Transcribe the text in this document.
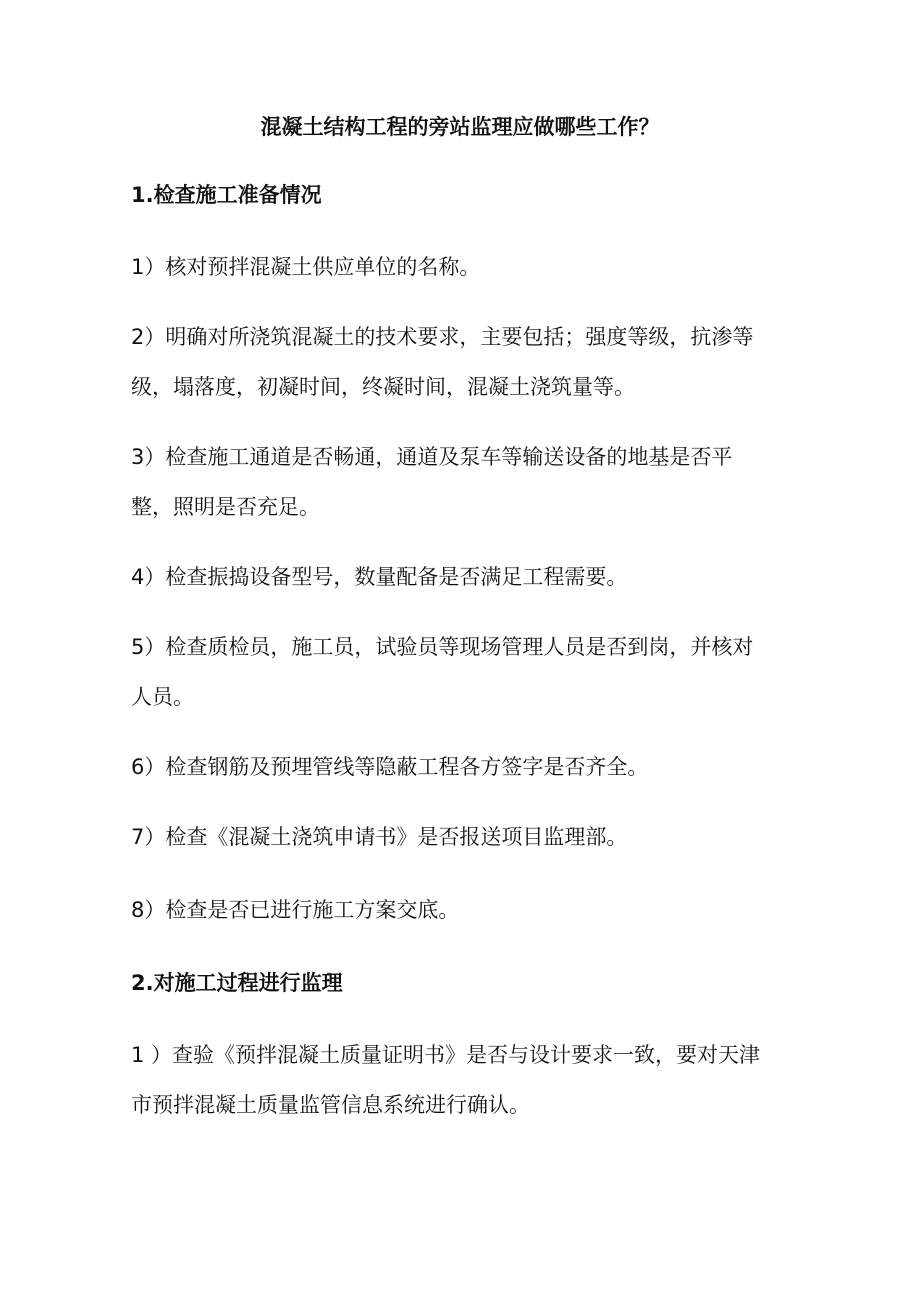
混凝土结构工程的旁站监理应做哪些工作？
1.检查施工准备情况
1）核对预拌混凝土供应单位的名称。
2）明确对所浇筑混凝土的技术要求，主要包括；强度等级，抗渗等
级，塌落度，初凝时间，终凝时间，混凝土浇筑量等。
3）检查施工通道是否畅通，通道及泵车等输送设备的地基是否平
整，照明是否充足。
4）检查振捣设备型号，数量配备是否满足工程需要。
5）检查质检员，施工员，试验员等现场管理人员是否到岗，并核对
人员。
6）检查钢筋及预埋管线等隐蔽工程各方签字是否齐全。
7）检查《混凝土浇筑申请书》是否报送项目监理部。
8）检查是否已进行施工方案交底。
2.对施工过程进行监理
1 ）查验《预拌混凝土质量证明书》是否与设计要求一致，要对天津
市预拌混凝土质量监管信息系统进行确认。
